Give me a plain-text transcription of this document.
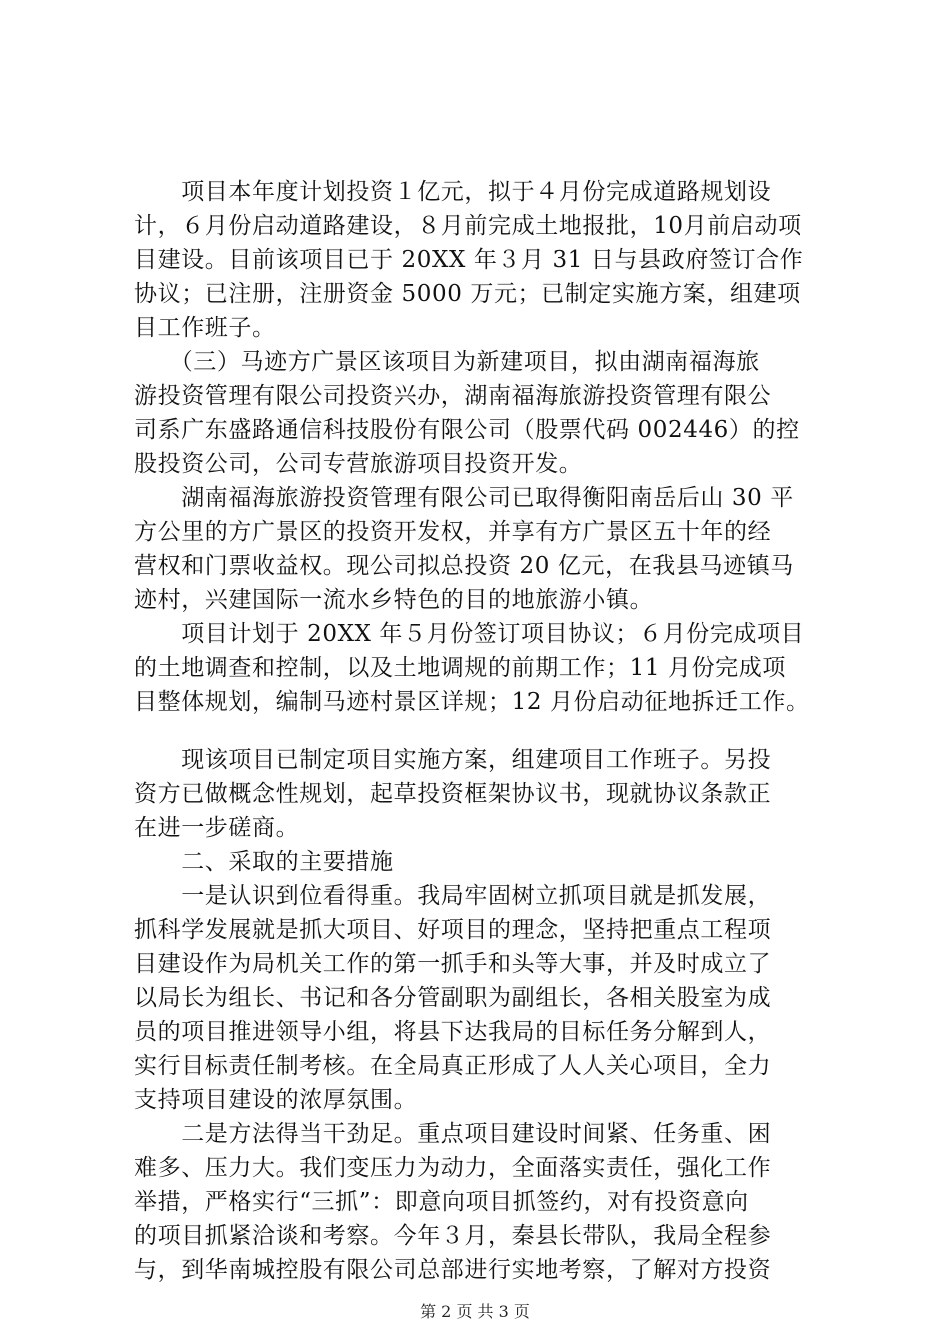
　　项目本年度计划投资１亿元，拟于４月份完成道路规划设
计，６月份启动道路建设，８月前完成土地报批，10月前启动项
目建设。目前该项目已于 20XX 年３月 31 日与县政府签订合作
协议；已注册，注册资金 5000 万元；已制定实施方案，组建项
目工作班子。
　　（三）马迹方广景区该项目为新建项目，拟由湖南福海旅
游投资管理有限公司投资兴办，湖南福海旅游投资管理有限公
司系广东盛路通信科技股份有限公司（股票代码 002446）的控
股投资公司，公司专营旅游项目投资开发。
　　湖南福海旅游投资管理有限公司已取得衡阳南岳后山 30 平
方公里的方广景区的投资开发权，并享有方广景区五十年的经
营权和门票收益权。现公司拟总投资 20 亿元，在我县马迹镇马
迹村，兴建国际一流水乡特色的目的地旅游小镇。
　　项目计划于 20XX 年５月份签订项目协议；６月份完成项目
的土地调查和控制，以及土地调规的前期工作；11 月份完成项
目整体规划，编制马迹村景区详规；12 月份启动征地拆迁工作。
　　现该项目已制定项目实施方案，组建项目工作班子。另投
资方已做概念性规划，起草投资框架协议书，现就协议条款正
在进一步磋商。
　　二、采取的主要措施
　　一是认识到位看得重。我局牢固树立抓项目就是抓发展，
抓科学发展就是抓大项目、好项目的理念，坚持把重点工程项
目建设作为局机关工作的第一抓手和头等大事，并及时成立了
以局长为组长、书记和各分管副职为副组长，各相关股室为成
员的项目推进领导小组，将县下达我局的目标任务分解到人，
实行目标责任制考核。在全局真正形成了人人关心项目，全力
支持项目建设的浓厚氛围。
　　二是方法得当干劲足。重点项目建设时间紧、任务重、困
难多、压力大。我们变压力为动力，全面落实责任，强化工作
举措，严格实行“三抓”：即意向项目抓签约，对有投资意向
的项目抓紧洽谈和考察。今年３月，秦县长带队，我局全程参
与，到华南城控股有限公司总部进行实地考察，了解对方投资
第 2 页 共 3 页
